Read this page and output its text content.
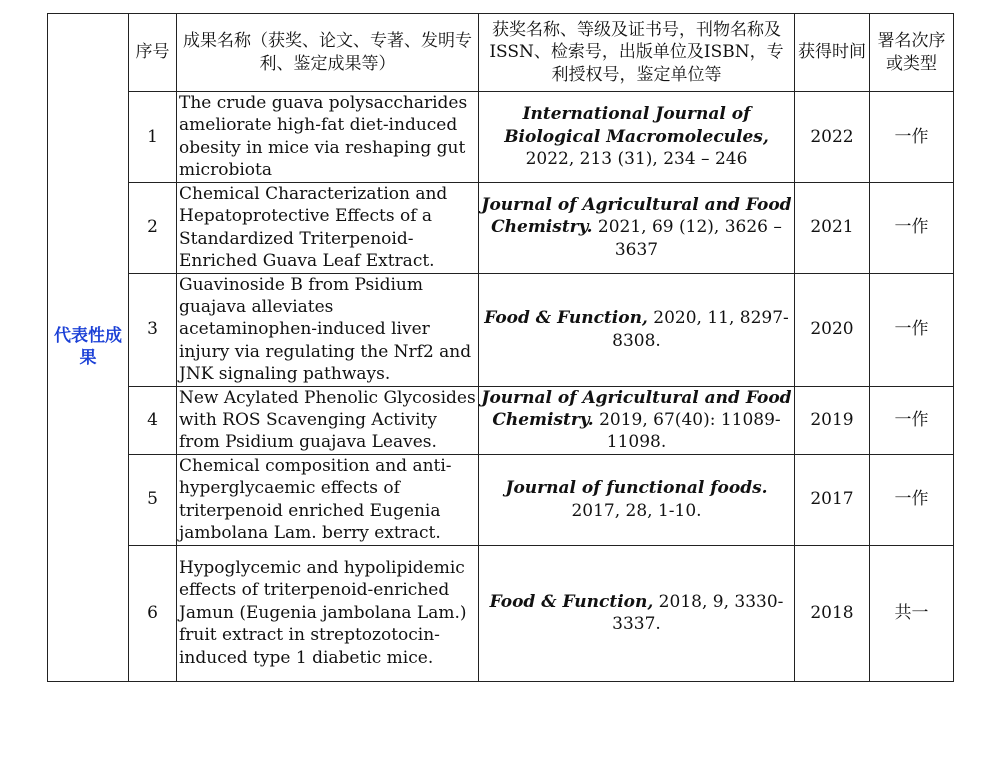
代表性成果	序号	成果名称（获奖、论文、专著、发明专利、鉴定成果等）	获奖名称、等级及证书号，刊物名称及ISSN、检索号，出版单位及ISBN，专利授权号，鉴定单位等	获得时间	署名次序或类型
	1	The crude guava polysaccharides ameliorate high-fat diet-induced obesity in mice via reshaping gut microbiota	International Journal of Biological Macromolecules, 2022, 213 (31), 234 – 246	2022	一作
	2	Chemical Characterization and Hepatoprotective Effects of a Standardized Triterpenoid-Enriched Guava Leaf Extract.	Journal of Agricultural and Food Chemistry. 2021, 69 (12), 3626 – 3637	2021	一作
	3	Guavinoside B from Psidium guajava alleviates acetaminophen-induced liver injury via regulating the Nrf2 and JNK signaling pathways.	Food & Function, 2020, 11, 8297-8308.	2020	一作
	4	New Acylated Phenolic Glycosides with ROS Scavenging Activity from Psidium guajava Leaves.	Journal of Agricultural and Food Chemistry. 2019, 67(40): 11089-11098.	2019	一作
	5	Chemical composition and anti-hyperglycaemic effects of triterpenoid enriched Eugenia jambolana Lam. berry extract.	Journal of functional foods. 2017, 28, 1-10.	2017	一作
	6	Hypoglycemic and hypolipidemic effects of triterpenoid-enriched Jamun (Eugenia jambolana Lam.) fruit extract in streptozotocin-induced type 1 diabetic mice.	Food & Function, 2018, 9, 3330-3337.	2018	共一
